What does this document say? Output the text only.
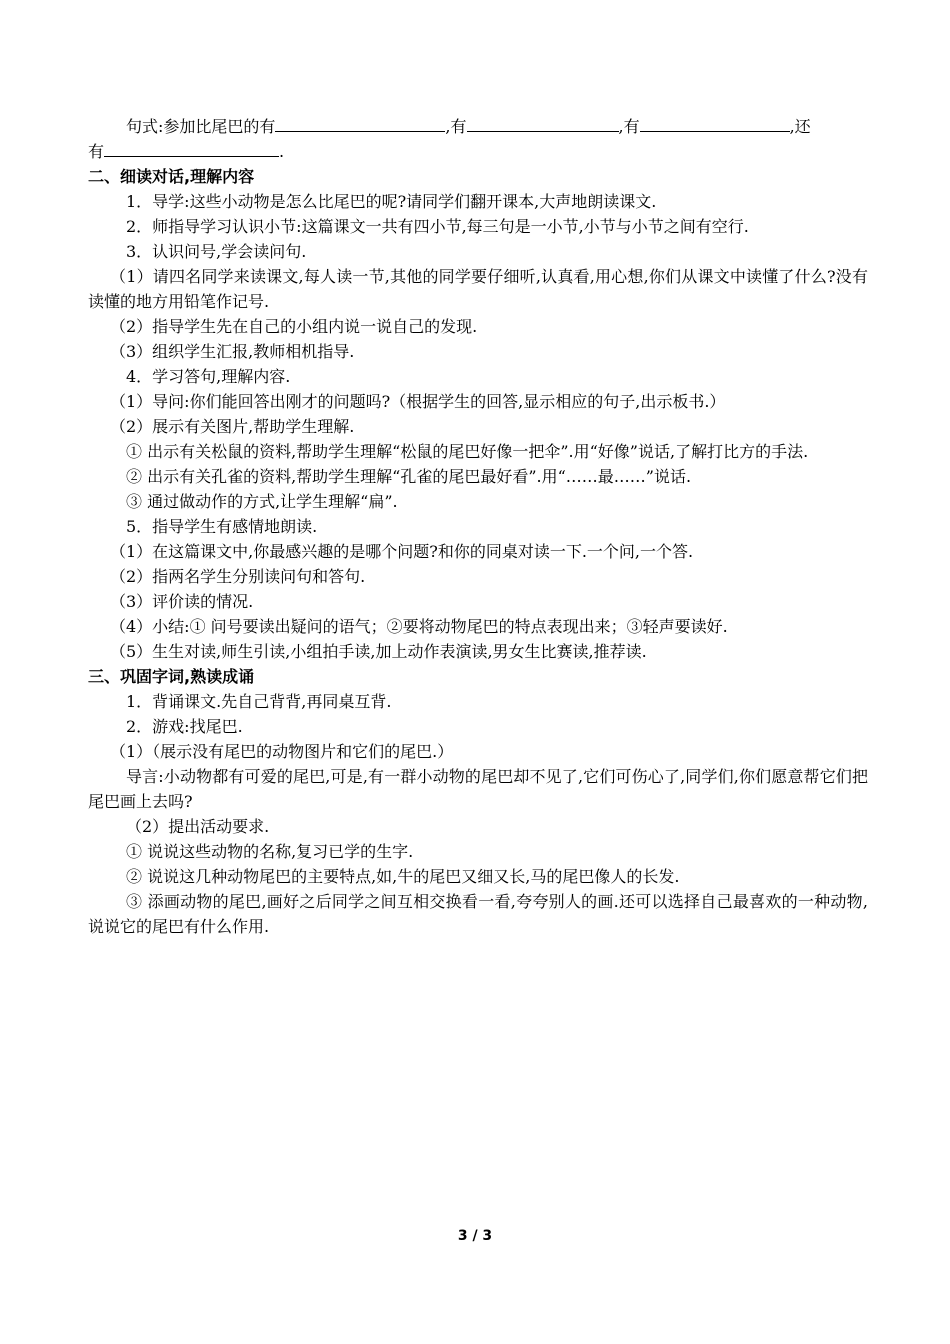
句式:参加比尾巴的有	,有	,有	,还
有	.
二、细读对话,理解内容
1．导学:这些小动物是怎么比尾巴的呢?请同学们翻开课本,大声地朗读课文.
2．师指导学习认识小节:这篇课文一共有四小节,每三句是一小节,小节与小节之间有空行.
3．认识问号,学会读问句.
（1）请四名同学来读课文,每人读一节,其他的同学要仔细听,认真看,用心想,你们从课文中读懂了什么?没有读懂的地方用铅笔作记号.
（2）指导学生先在自己的小组内说一说自己的发现.
（3）组织学生汇报,教师相机指导.
4．学习答句,理解内容.
（1）导问:你们能回答出刚才的问题吗?（根据学生的回答,显示相应的句子,出示板书.）
（2）展示有关图片,帮助学生理解.
① 出示有关松鼠的资料,帮助学生理解“松鼠的尾巴好像一把伞”.用“好像”说话,了解打比方的手法.
② 出示有关孔雀的资料,帮助学生理解“孔雀的尾巴最好看”.用“……最……”说话.
③ 通过做动作的方式,让学生理解“扁”.
5．指导学生有感情地朗读.
（1）在这篇课文中,你最感兴趣的是哪个问题?和你的同桌对读一下.一个问,一个答.
（2）指两名学生分别读问句和答句.
（3）评价读的情况.
（4）小结:① 问号要读出疑问的语气；②要将动物尾巴的特点表现出来；③轻声要读好.
（5）生生对读,师生引读,小组拍手读,加上动作表演读,男女生比赛读,推荐读.
三、巩固字词,熟读成诵
1．背诵课文.先自己背背,再同桌互背.
2．游戏:找尾巴.
（1）（展示没有尾巴的动物图片和它们的尾巴.）
导言:小动物都有可爱的尾巴,可是,有一群小动物的尾巴却不见了,它们可伤心了,同学们,你们愿意帮它们把尾巴画上去吗?
（2）提出活动要求.
① 说说这些动物的名称,复习已学的生字.
② 说说这几种动物尾巴的主要特点,如,牛的尾巴又细又长,马的尾巴像人的长发.
③ 添画动物的尾巴,画好之后同学之间互相交换看一看,夸夸别人的画.还可以选择自己最喜欢的一种动物,说说它的尾巴有什么作用.
3 / 3
